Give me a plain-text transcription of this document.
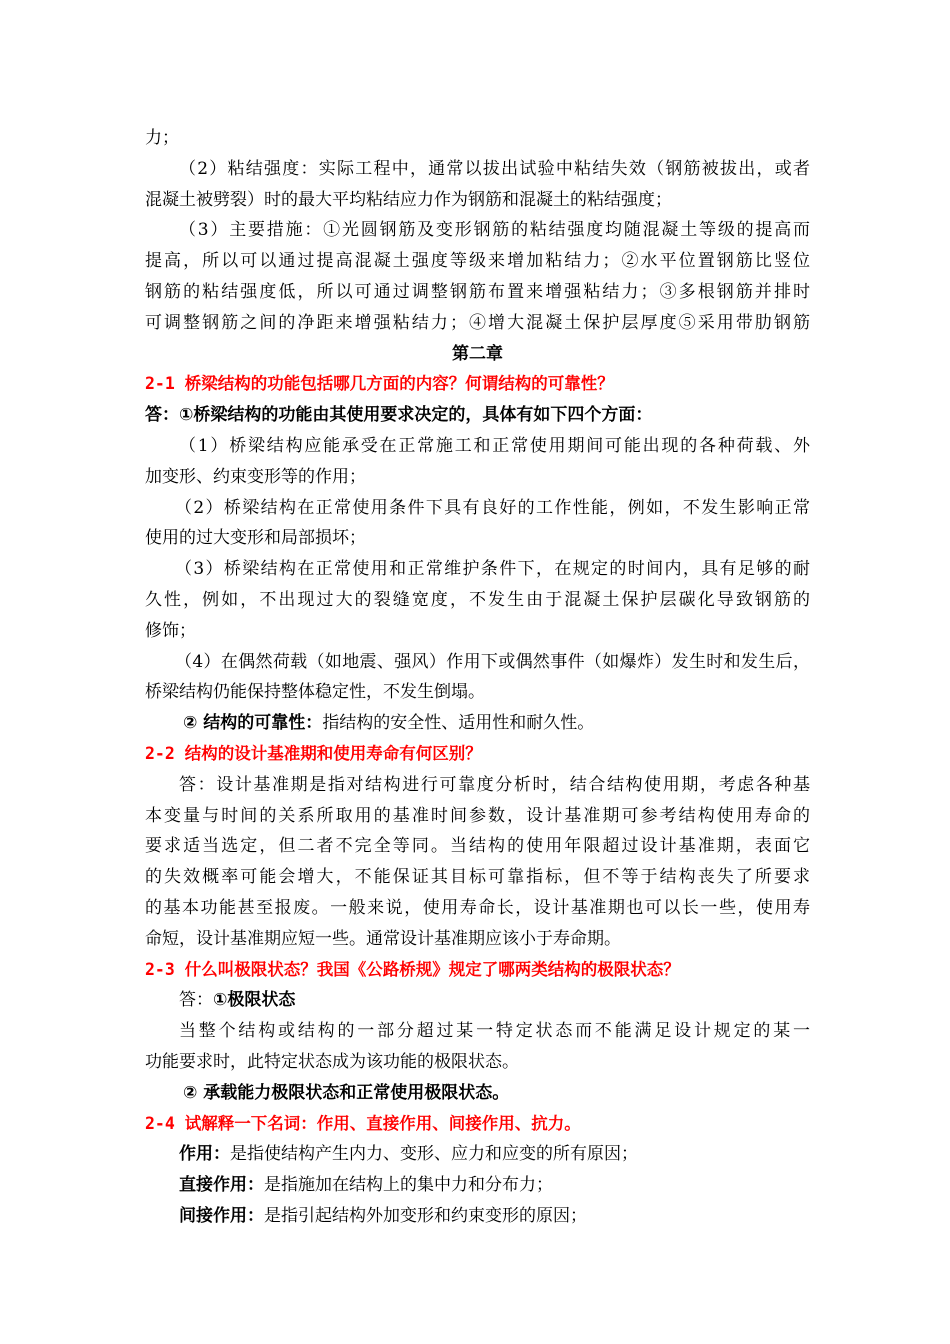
力；
（2）粘结强度：实际工程中，通常以拔出试验中粘结失效（钢筋被拔出，或者
混凝土被劈裂）时的最大平均粘结应力作为钢筋和混凝土的粘结强度；
（3）主要措施：①光圆钢筋及变形钢筋的粘结强度均随混凝土等级的提高而
提高，所以可以通过提高混凝土强度等级来增加粘结力；②水平位置钢筋比竖位
钢筋的粘结强度低，所以可通过调整钢筋布置来增强粘结力；③多根钢筋并排时
可调整钢筋之间的净距来增强粘结力；④增大混凝土保护层厚度⑤采用带肋钢筋
第二章
2-1 桥梁结构的功能包括哪几方面的内容？何谓结构的可靠性？
答：①桥梁结构的功能由其使用要求决定的，具体有如下四个方面：
（1）桥梁结构应能承受在正常施工和正常使用期间可能出现的各种荷载、外
加变形、约束变形等的作用；
（2）桥梁结构在正常使用条件下具有良好的工作性能，例如，不发生影响正常
使用的过大变形和局部损坏；
（3）桥梁结构在正常使用和正常维护条件下，在规定的时间内，具有足够的耐
久性，例如，不出现过大的裂缝宽度，不发生由于混凝土保护层碳化导致钢筋的
修饰；
（4）在偶然荷载（如地震、强风）作用下或偶然事件（如爆炸）发生时和发生后，
桥梁结构仍能保持整体稳定性，不发生倒塌。
② 结构的可靠性：指结构的安全性、适用性和耐久性。
2-2 结构的设计基准期和使用寿命有何区别？
答：设计基准期是指对结构进行可靠度分析时，结合结构使用期，考虑各种基
本变量与时间的关系所取用的基准时间参数，设计基准期可参考结构使用寿命的
要求适当选定，但二者不完全等同。当结构的使用年限超过设计基准期，表面它
的失效概率可能会增大，不能保证其目标可靠指标，但不等于结构丧失了所要求
的基本功能甚至报废。一般来说，使用寿命长，设计基准期也可以长一些，使用寿
命短，设计基准期应短一些。通常设计基准期应该小于寿命期。
2-3 什么叫极限状态？我国《公路桥规》规定了哪两类结构的极限状态？
答：①极限状态
当整个结构或结构的一部分超过某一特定状态而不能满足设计规定的某一
功能要求时，此特定状态成为该功能的极限状态。
② 承载能力极限状态和正常使用极限状态。
2-4 试解释一下名词：作用、直接作用、间接作用、抗力。
作用：是指使结构产生内力、变形、应力和应变的所有原因；
直接作用：是指施加在结构上的集中力和分布力；
间接作用：是指引起结构外加变形和约束变形的原因；
